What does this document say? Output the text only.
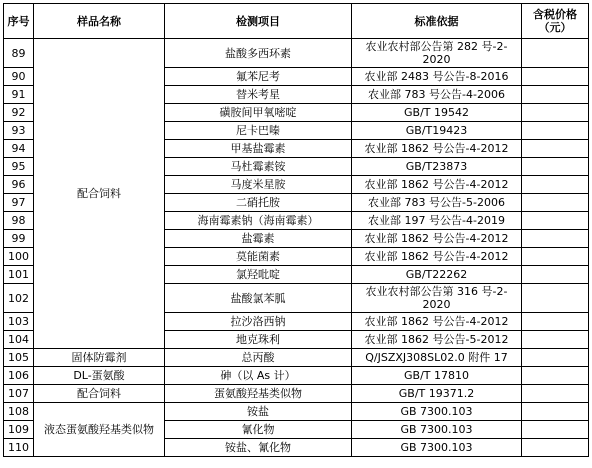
序号	样品名称	检测项目	标准依据	含税价格（元）
89	配合饲料	盐酸多西环素	农业农村部公告第 282 号-2-2020	
90		氟苯尼考	农业部 2483 号公告-8-2016	
91		替米考星	农业部 783 号公告-4-2006	
92		磺胺间甲氧嘧啶	GB/T 19542	
93		尼卡巴嗪	GB/T19423	
94		甲基盐霉素	农业部 1862 号公告-4-2012	
95		马杜霉素铵	GB/T23873	
96		马度米星胺	农业部 1862 号公告-4-2012	
97		二硝托胺	农业部 783 号公告-5-2006	
98		海南霉素钠（海南霉素）	农业部 197 号公告-4-2019	
99		盐霉素	农业部 1862 号公告-4-2012	
100		莫能菌素	农业部 1862 号公告-4-2012	
101		氯羟吡啶	GB/T22262	
102		盐酸氯苯胍	农业农村部公告第 316 号-2-2020	
103		拉沙洛西钠	农业部 1862 号公告-4-2012	
104		地克珠利	农业部 1862 号公告-5-2012	
105	固体防霉剂	总丙酸	Q/JSZXJ308SL02.0 附件 17	
106	DL-蛋氨酸	砷（以 As 计）	GB/T 17810	
107	配合饲料	蛋氨酸羟基类似物	GB/T 19371.2	
108	液态蛋氨酸羟基类似物	铵盐	GB 7300.103	
109		氰化物	GB 7300.103	
110		铵盐、氰化物	GB 7300.103	
